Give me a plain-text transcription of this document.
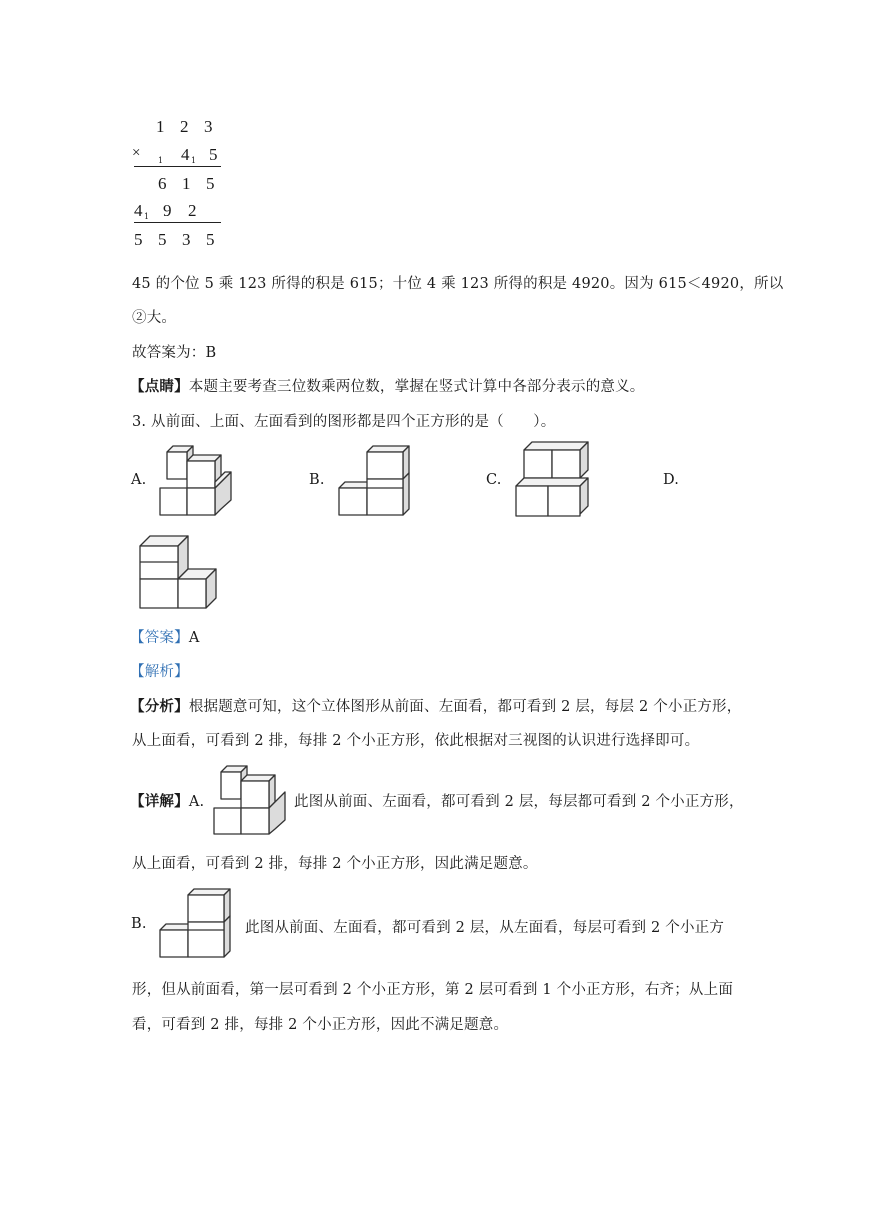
1 2 3
× 1 4 1 5
6 1 5
4 1 9 2
5 5 3 5
45 的个位 5 乘 123 所得的积是 615；十位 4 乘 123 所得的积是 4920。因为 615＜4920，所以
②大。
故答案为：B
【点睛】本题主要考查三位数乘两位数，掌握在竖式计算中各部分表示的意义。
3. 从前面、上面、左面看到的图形都是四个正方形的是（　　）。
A.	B.	C.	D.
【答案】A
【解析】
【分析】根据题意可知，这个立体图形从前面、左面看，都可看到 2 层，每层 2 个小正方形，
从上面看，可看到 2 排，每排 2 个小正方形，依此根据对三视图的认识进行选择即可。
【详解】A.	此图从前面、左面看，都可看到 2 层，每层都可看到 2 个小正方形，
从上面看，可看到 2 排，每排 2 个小正方形，因此满足题意。
B.	此图从前面、左面看，都可看到 2 层，从左面看，每层可看到 2 个小正方
形，但从前面看，第一层可看到 2 个小正方形，第 2 层可看到 1 个小正方形，右齐；从上面
看，可看到 2 排，每排 2 个小正方形，因此不满足题意。
